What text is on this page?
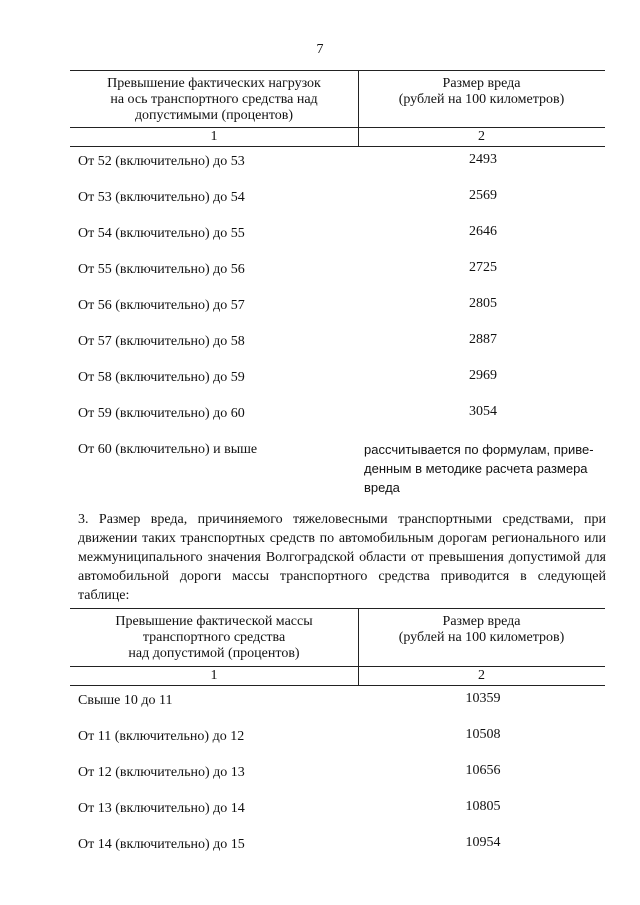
7
Превышение фактических нагрузок
на ось транспортного средства над
допустимыми (процентов)
Размер вреда
(рублей на 100 километров)
1	2
От 52 (включительно) до 53	2493
От 53 (включительно) до 54	2569
От 54 (включительно) до 55	2646
От 55 (включительно) до 56	2725
От 56 (включительно) до 57	2805
От 57 (включительно) до 58	2887
От 58 (включительно) до 59	2969
От 59 (включительно) до 60	3054
От 60 (включительно) и выше	рассчитывается по формулам, приве-
денным в методике расчета размера
вреда

3. Размер вреда, причиняемого тяжеловесными транспортными средствами, при движении таких транспортных средств по автомобильным дорогам регионального или межмуниципального значения Волгоградской области от превышения допустимой для автомобильной дороги массы транспортного средства приводится в следующей таблице:

Превышение фактической массы
транспортного средства
над допустимой (процентов)
Размер вреда
(рублей на 100 километров)
1	2
Свыше 10 до 11	10359
От 11 (включительно) до 12	10508
От 12 (включительно) до 13	10656
От 13 (включительно) до 14	10805
От 14 (включительно) до 15	10954
